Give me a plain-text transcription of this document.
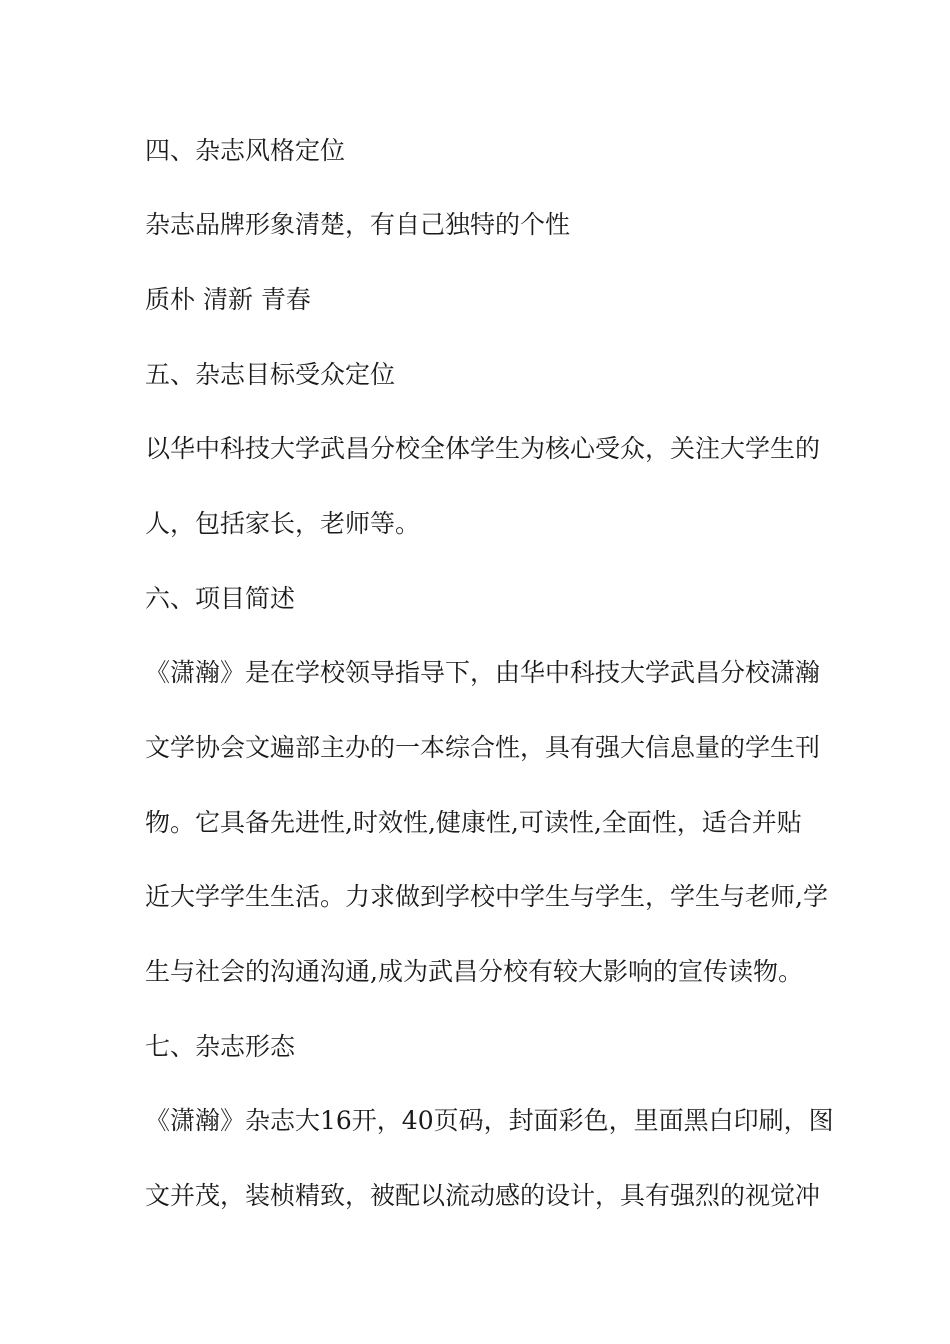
四、杂志风格定位
杂志品牌形象清楚，有自己独特的个性
质朴 清新 青春
五、杂志目标受众定位
以华中科技大学武昌分校全体学生为核心受众，关注大学生的
人，包括家长，老师等。
六、项目简述
《潇瀚》是在学校领导指导下，由华中科技大学武昌分校潇瀚
文学协会文遍部主办的一本综合性，具有强大信息量的学生刊
物。它具备先进性,时效性,健康性,可读性,全面性，适合并贴
近大学学生生活。力求做到学校中学生与学生，学生与老师,学
生与社会的沟通沟通,成为武昌分校有较大影响的宣传读物。
七、杂志形态
《潇瀚》杂志大16开，40页码，封面彩色，里面黑白印刷，图
文并茂，装桢精致，被配以流动感的设计，具有强烈的视觉冲
